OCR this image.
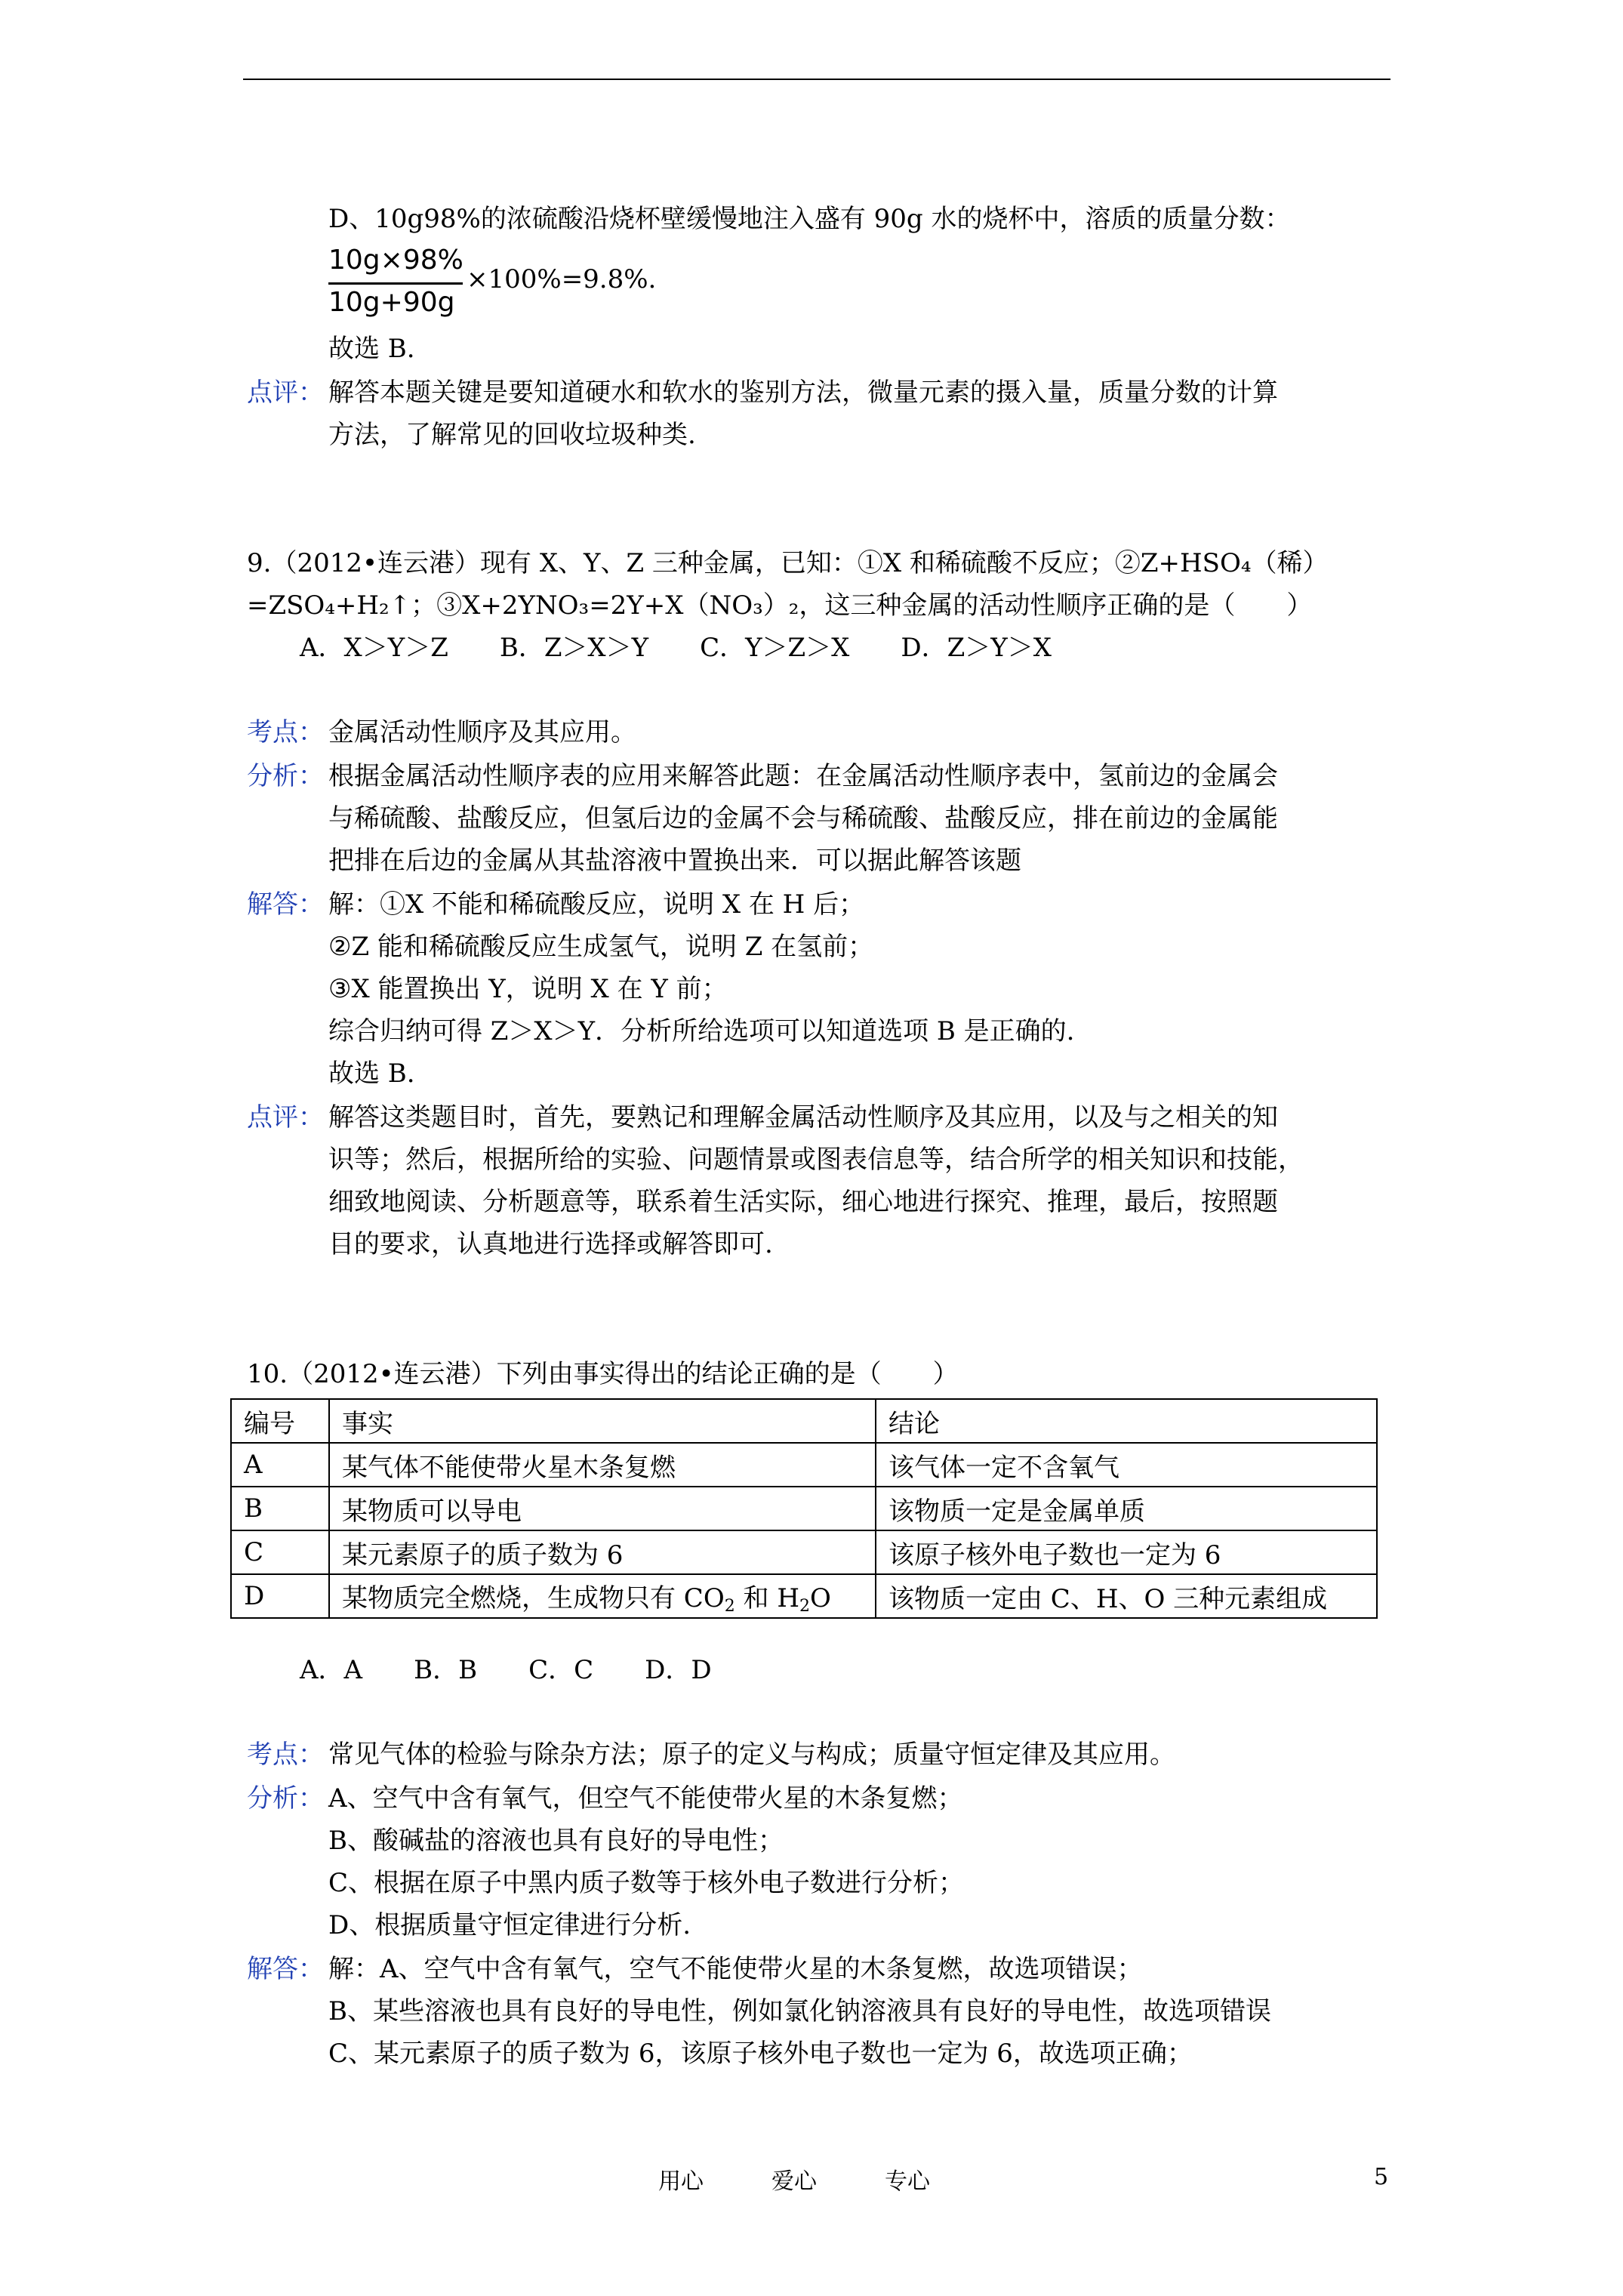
D、10g98%的浓硫酸沿烧杯壁缓慢地注入盛有 90g 水的烧杯中，溶质的质量分数：
10g×98%
10g+90g
×100%=9.8%.
故选 B.
点评： 解答本题关键是要知道硬水和软水的鉴别方法，微量元素的摄入量，质量分数的计算
方法，了解常见的回收垃圾种类.
9.（2012•连云港）现有 X、Y、Z 三种金属，已知：①X 和稀硫酸不反应；②Z+HSO₄（稀）
=ZSO₄+H₂↑；③X+2YNO₃=2Y+X（NO₃）₂，这三种金属的活动性顺序正确的是（　　）
A．X＞Y＞Z　　B．Z＞X＞Y　　C．Y＞Z＞X　　D．Z＞Y＞X
考点： 金属活动性顺序及其应用。
分析： 根据金属活动性顺序表的应用来解答此题：在金属活动性顺序表中，氢前边的金属会
与稀硫酸、盐酸反应，但氢后边的金属不会与稀硫酸、盐酸反应，排在前边的金属能
把排在后边的金属从其盐溶液中置换出来．可以据此解答该题
解答： 解：①X 不能和稀硫酸反应，说明 X 在 H 后；
②Z 能和稀硫酸反应生成氢气，说明 Z 在氢前；
③X 能置换出 Y，说明 X 在 Y 前；
综合归纳可得 Z＞X＞Y．分析所给选项可以知道选项 B 是正确的.
故选 B.
点评： 解答这类题目时，首先，要熟记和理解金属活动性顺序及其应用，以及与之相关的知
识等；然后，根据所给的实验、问题情景或图表信息等，结合所学的相关知识和技能，
细致地阅读、分析题意等，联系着生活实际，细心地进行探究、推理，最后，按照题
目的要求，认真地进行选择或解答即可.
10.（2012•连云港）下列由事实得出的结论正确的是（　　）
编号	事实	结论
A	某气体不能使带火星木条复燃	该气体一定不含氧气
B	某物质可以导电	该物质一定是金属单质
C	某元素原子的质子数为 6	该原子核外电子数也一定为 6
D	某物质完全燃烧，生成物只有 $CO_2$ 和 $H_2O$	该物质一定由 C、H、O 三种元素组成
A．A　　B．B　　C．C　　D．D
考点： 常见气体的检验与除杂方法；原子的定义与构成；质量守恒定律及其应用。
分析： A、空气中含有氧气，但空气不能使带火星的木条复燃；
B、酸碱盐的溶液也具有良好的导电性；
C、根据在原子中黑内质子数等于核外电子数进行分析；
D、根据质量守恒定律进行分析.
解答： 解：A、空气中含有氧气，空气不能使带火星的木条复燃，故选项错误；
B、某些溶液也具有良好的导电性，例如氯化钠溶液具有良好的导电性，故选项错误
C、某元素原子的质子数为 6，该原子核外电子数也一定为 6，故选项正确；
用心　　　爱心　　　专心	5
